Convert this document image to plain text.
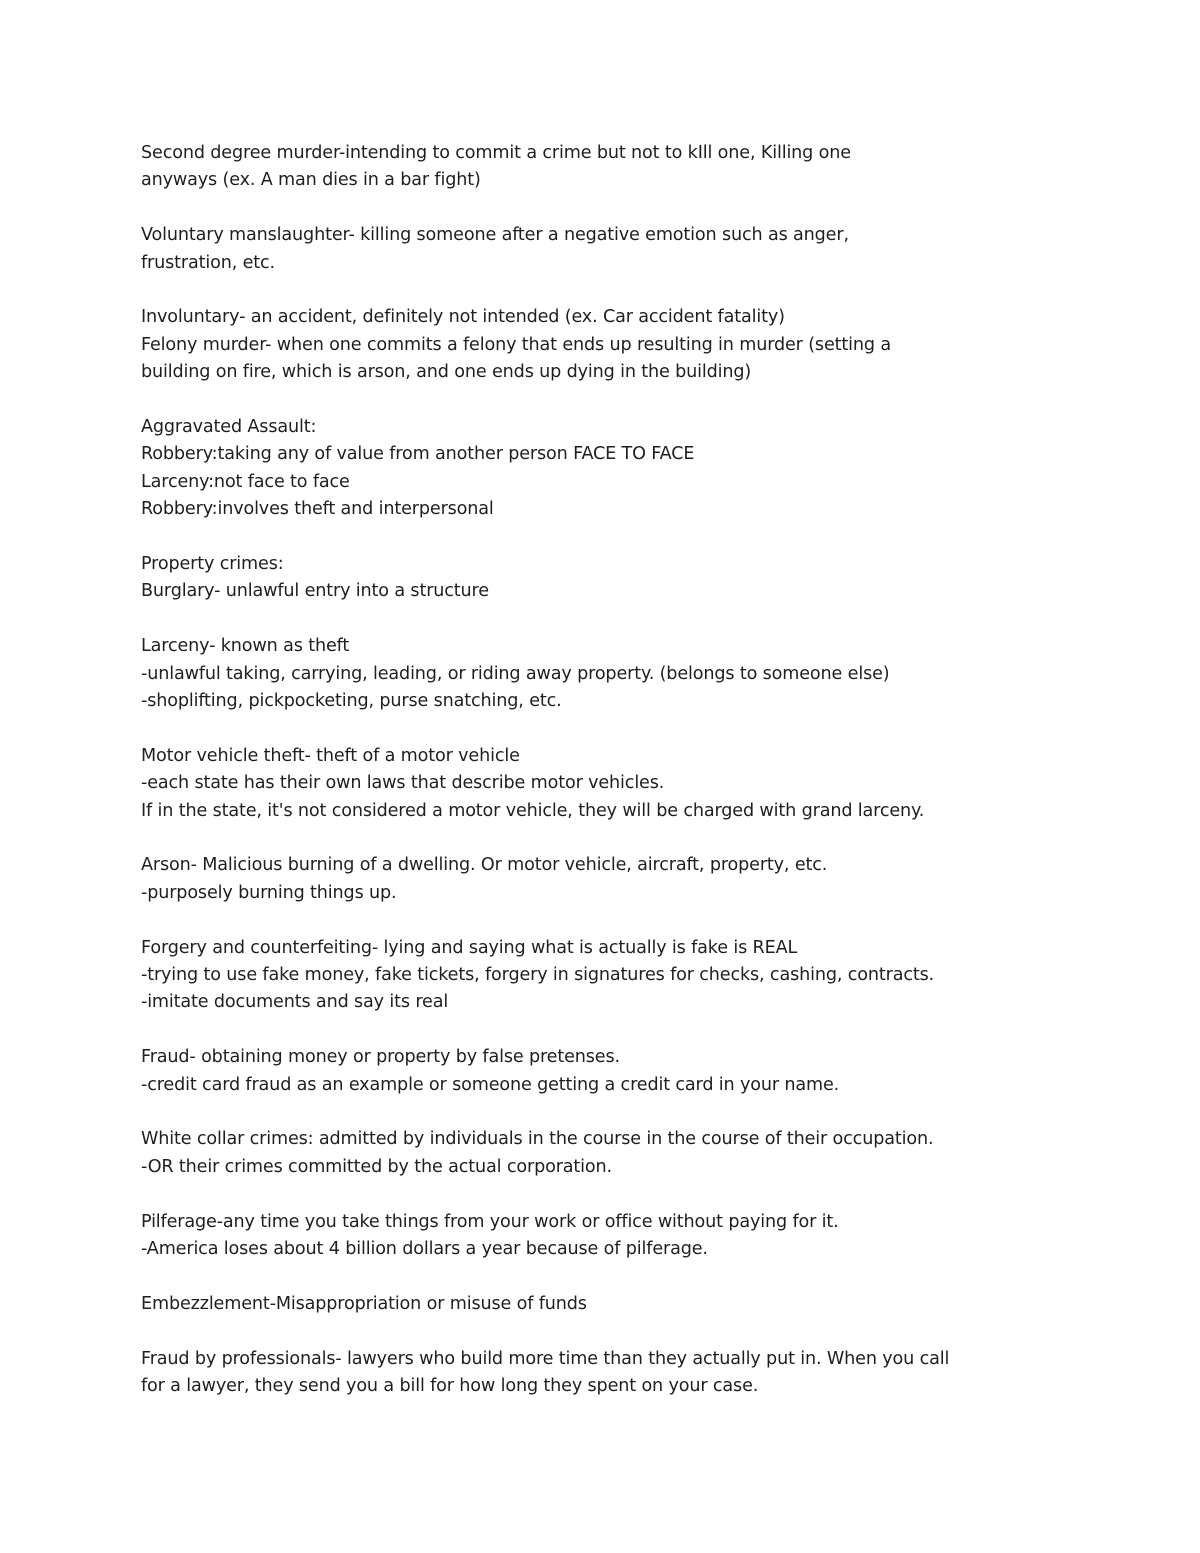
Second degree murder-intending to commit a crime but not to kIll one, Killing one
anyways (ex. A man dies in a bar fight)

Voluntary manslaughter- killing someone after a negative emotion such as anger,
frustration, etc.

Involuntary- an accident, definitely not intended (ex. Car accident fatality)

Felony murder- when one commits a felony that ends up resulting in murder (setting a
building on fire, which is arson, and one ends up dying in the building)

Aggravated Assault:
Robbery:taking any of value from another person FACE TO FACE
Larceny:not face to face
Robbery:involves theft and interpersonal

Property crimes:
Burglary- unlawful entry into a structure

Larceny- known as theft
-unlawful taking, carrying, leading, or riding away property. (belongs to someone else)
-shoplifting, pickpocketing, purse snatching, etc.

Motor vehicle theft- theft of a motor vehicle
-each state has their own laws that describe motor vehicles.
If in the state, it's not considered a motor vehicle, they will be charged with grand larceny.

Arson- Malicious burning of a dwelling. Or motor vehicle, aircraft, property, etc.
-purposely burning things up.

Forgery and counterfeiting- lying and saying what is actually is fake is REAL
-trying to use fake money, fake tickets, forgery in signatures for checks, cashing, contracts.
-imitate documents and say its real

Fraud- obtaining money or property by false pretenses.
-credit card fraud as an example or someone getting a credit card in your name.

White collar crimes: admitted by individuals in the course in the course of their occupation.
-OR their crimes committed by the actual corporation.

Pilferage-any time you take things from your work or office without paying for it.
-America loses about 4 billion dollars a year because of pilferage.

Embezzlement-Misappropriation or misuse of funds

Fraud by professionals- lawyers who build more time than they actually put in. When you call
for a lawyer, they send you a bill for how long they spent on your case.
